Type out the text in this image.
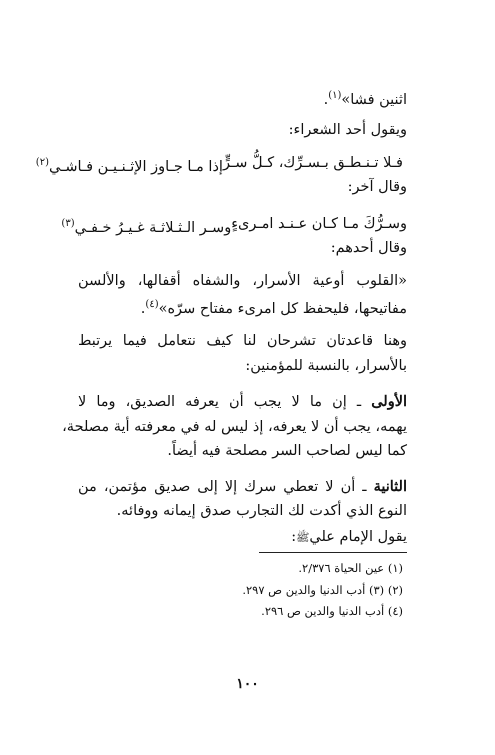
اثنين فشا»$^{(١)}$.
ويقول أحد الشعراء:
فـلا تـنـطـق بـسـرِّك، كـلُّ سـرٍّ
إذا مـا جـاوز الإثـنـيـن فـاشـي$^{(٢)}$
وقال آخر:
وسـرُّكَ مـا كـان عـنـد امـرىءٍ
وسـر الـثـلاثـة غـيـرُ خـفـي$^{(٣)}$
وقال أحدهم:
«القلوب أوعية الأسرار، والشفاه أقفالها، والألسن
مفاتيحها، فليحفظ كل امرىء مفتاح سرّه»$^{(٤)}$.
وهنا قاعدتان تشرحان لنا كيف نتعامل فيما يرتبط
بالأسرار، بالنسبة للمؤمنين:
الأولى ـ إن ما لا يجب أن يعرفه الصديق، وما لا
يهمه، يجب أن لا يعرفه، إذ ليس له في معرفته أية مصلحة،
كما ليس لصاحب السر مصلحة فيه أيضاً.
الثانية ـ أن لا تعطي سرك إلا إلى صديق مؤتمن، من
النوع الذي أكدت لك التجارب صدق إيمانه ووفائه.
يقول الإمام عليﷺ:
(١) عين الحياة ٢/٣٧٦.
(٢) (٣) أدب الدنيا والدين ص ٢٩٧.
(٤) أدب الدنيا والدين ص ٢٩٦.
١٠٠
